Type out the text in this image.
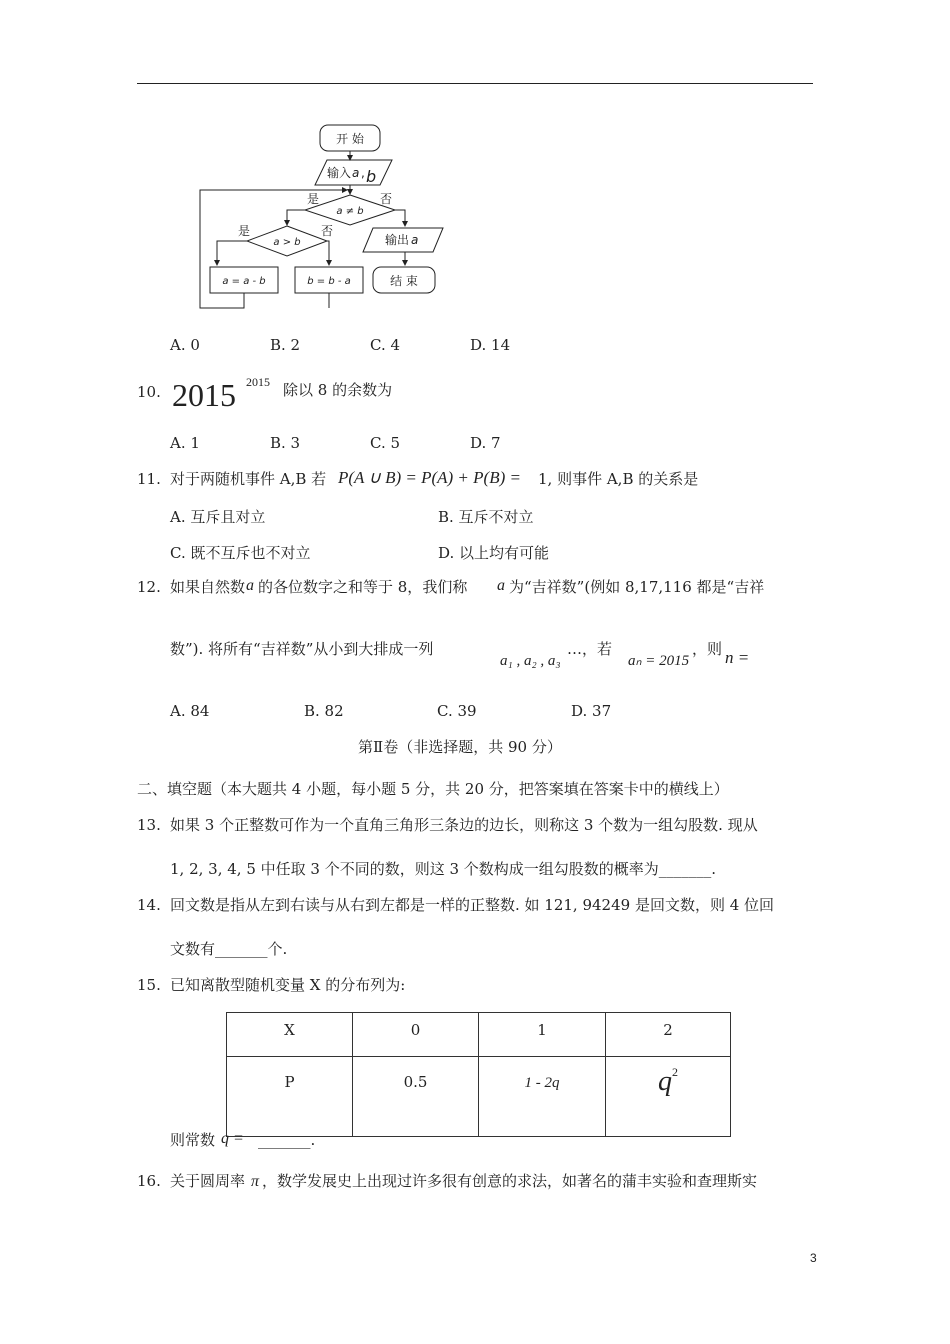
开 始
输入 a , b
是	否
a ≠ b
是	否
a > b
a = a - b	b = b - a
输出 a
结 束
A. 0	B. 2	C. 4	D. 14
10. 2015 2015 除以 8 的余数为
A. 1	B. 3	C. 5	D. 7
11. 对于两随机事件 A,B 若 P(A ∪ B) = P(A) + P(B) = 1, 则事件 A,B 的关系是
A. 互斥且对立	B. 互斥不对立
C. 既不互斥也不对立	D. 以上均有可能
12. 如果自然数 a 的各位数字之和等于 8，我们称 a 为“吉祥数”(例如 8,17,116 都是“吉祥
数”). 将所有“吉祥数”从小到大排成一列
a₁ , a₂ , a₃
…，若
aₙ = 2015
，则 n =
A. 84	B. 82	C. 39	D. 37
第Ⅱ卷（非选择题，共 90 分）
二、填空题（本大题共 4 小题，每小题 5 分，共 20 分，把答案填在答案卡中的横线上）
13. 如果 3 个正整数可作为一个直角三角形三条边的边长，则称这 3 个数为一组勾股数. 现从
1, 2, 3, 4, 5 中任取 3 个不同的数，则这 3 个数构成一组勾股数的概率为_______.
14. 回文数是指从左到右读与从右到左都是一样的正整数. 如 121, 94249 是回文数，则 4 位回
文数有_______个.
15. 已知离散型随机变量 X 的分布列为:
X	0	1	2
P	0.5	1 - 2q	$q^2$
则常数 q = _______.
16. 关于圆周率 π ，数学发展史上出现过许多很有创意的求法，如著名的蒲丰实验和查理斯实
3
